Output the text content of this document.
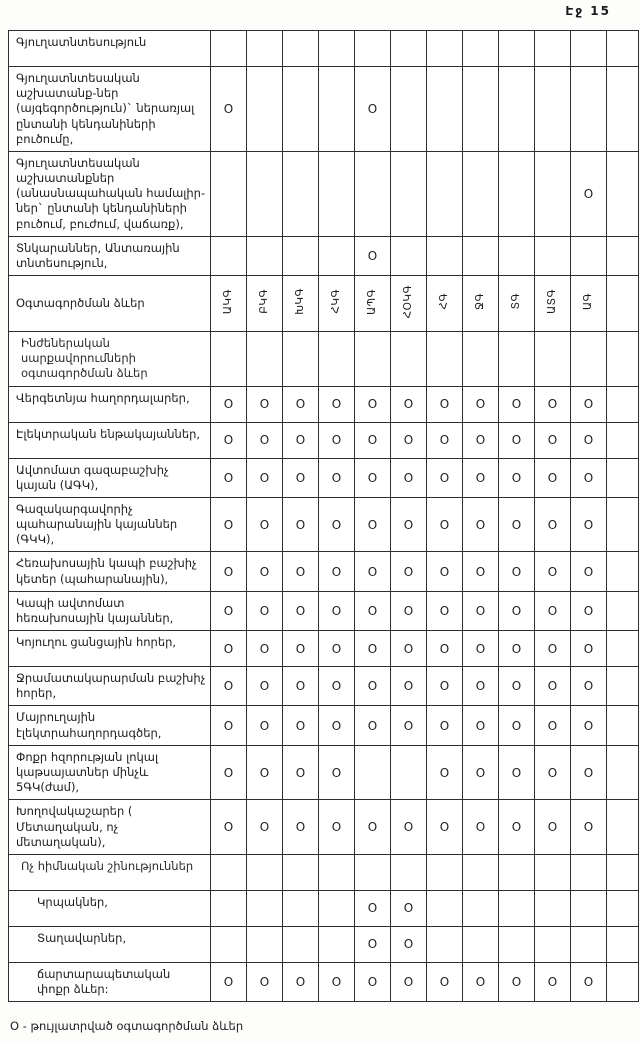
Էջ 15
Գյուղատնտեսություն												
Գյուղատնտեսական աշխատանք-ներ (այգեգործություն)` ներառյալ ընտանի կենդանիների բուծումը,	O				O							
Գյուղատնտեսական աշխատանքներ (անասնապահական համալիր-ներ` ընտանի կենդանիների բուծում, բուժում, վաճառք),											O	
Տնկարաններ, Անտառային տնտեսություն,					O							
Օգտագործման ձևեր	ԱԿԳ	ԲԿԳ	ԽԿԳ	ՀԿԳ	ԱՊԳ	ՀՕԿԳ	ՀԳ	ՋԳ	ՏԳ	ԱՏԳ	ԱԳ	
Ինժեներական սարքավորումների օգտագործման ձևեր												
Վերգետնյա հաղորդալարեր,	O	O	O	O	O	O	O	O	O	O	O	
Էլեկտրական ենթակայաններ,	O	O	O	O	O	O	O	O	O	O	O	
Ավտոմատ գազաբաշխիչ կայան (ԱԳԿ),	O	O	O	O	O	O	O	O	O	O	O	
Գազակարգավորիչ պահարանային կայաններ (ԳԿԿ),	O	O	O	O	O	O	O	O	O	O	O	
Հեռախոսային կապի բաշխիչ կետեր (պահարանային),	O	O	O	O	O	O	O	O	O	O	O	
Կապի ավտոմատ հեռախոսային կայաններ,	O	O	O	O	O	O	O	O	O	O	O	
Կոյուղու ցանցային հորեր,	O	O	O	O	O	O	O	O	O	O	O	
Ջրամատակարարման բաշխիչ հորեր,	O	O	O	O	O	O	O	O	O	O	O	
Մայրուղային էլեկտրահաղորդագծեր,	O	O	O	O	O	O	O	O	O	O	O	
Փոքր հզորության լոկալ կաթսայատներ մինչև 5ԳԿ(ժամ),	O	O	O	O			O	O	O	O	O	
Խողովակաշարեր ( Մետաղական, ոչ մետաղական),	O	O	O	O	O	O	O	O	O	O	O	
Ոչ հիմնական շինություններ												
Կրպակներ,					O	O						
Տաղավարներ,					O	O						
ճարտարապետական փոքր ձևեր:	O	O	O	O	O	O	O	O	O	O	O	
O - թույլատրված օգտագործման ձևեր
